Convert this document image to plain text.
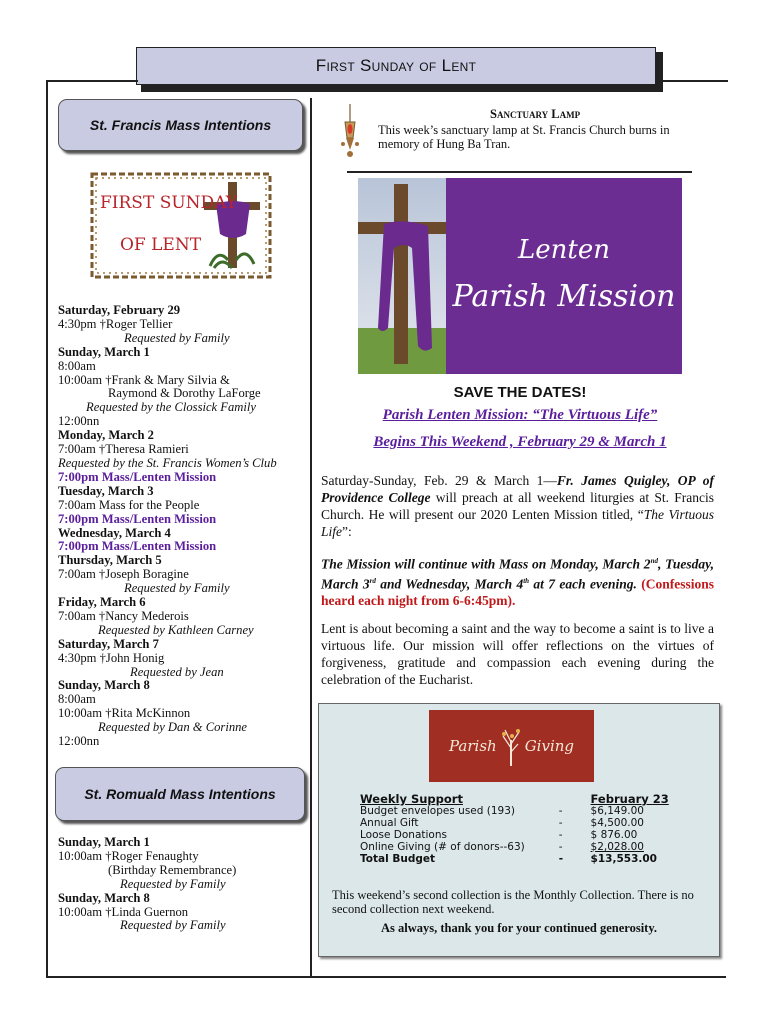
First Sunday of Lent
St. Francis Mass Intentions
FIRST SUNDAY
OF LENT
Saturday, February 29
4:30pm †Roger Tellier
Requested by Family
Sunday, March 1
8:00am
10:00am †Frank & Mary Silvia &
Raymond & Dorothy LaForge
Requested by the Clossick Family
12:00nn
Monday, March 2
7:00am †Theresa Ramieri
Requested by the St. Francis Women’s Club
7:00pm Mass/Lenten Mission
Tuesday, March 3
7:00am Mass for the People
7:00pm Mass/Lenten Mission
Wednesday, March 4
7:00pm Mass/Lenten Mission
Thursday, March 5
7:00am †Joseph Boragine
Requested by Family
Friday, March 6
7:00am †Nancy Mederois
Requested by Kathleen Carney
Saturday, March 7
4:30pm †John Honig
Requested by Jean
Sunday, March 8
8:00am
10:00am †Rita McKinnon
Requested by Dan & Corinne
12:00nn
St. Romuald Mass Intentions
Sunday, March 1
10:00am †Roger Fenaughty
(Birthday Remembrance)
Requested by Family
Sunday, March 8
10:00am †Linda Guernon
Requested by Family
Sanctuary Lamp
This week’s sanctuary lamp at St. Francis Church burns in memory of Hung Ba Tran.
Lenten
Parish Mission
SAVE THE DATES!
Parish Lenten Mission: “The Virtuous Life”
Begins This Weekend , February 29 & March 1
Saturday-Sunday, Feb. 29 & March 1—Fr. James Quigley, OP of Providence College will preach at all weekend liturgies at St. Francis Church. He will present our 2020 Lenten Mission titled, “The Virtuous Life”:
The Mission will continue with Mass on Monday, March 2nd, Tuesday, March 3rd and Wednesday, March 4th at 7 each evening. (Confessions heard each night from 6-6:45pm).
Lent is about becoming a saint and the way to become a saint is to live a virtuous life. Our mission will offer reflections on the virtues of forgiveness, gratitude and compassion each evening during the celebration of the Eucharist.
Parish Giving
Weekly Support	February 23
Budget envelopes used (193)	-	$6,149.00
Annual Gift	-	$4,500.00
Loose Donations	-	$ 876.00
Online Giving (# of donors--63)	-	$2,028.00
Total Budget	-	$13,553.00
This weekend’s second collection is the Monthly Collection. There is no second collection next weekend.
As always, thank you for your continued generosity.
